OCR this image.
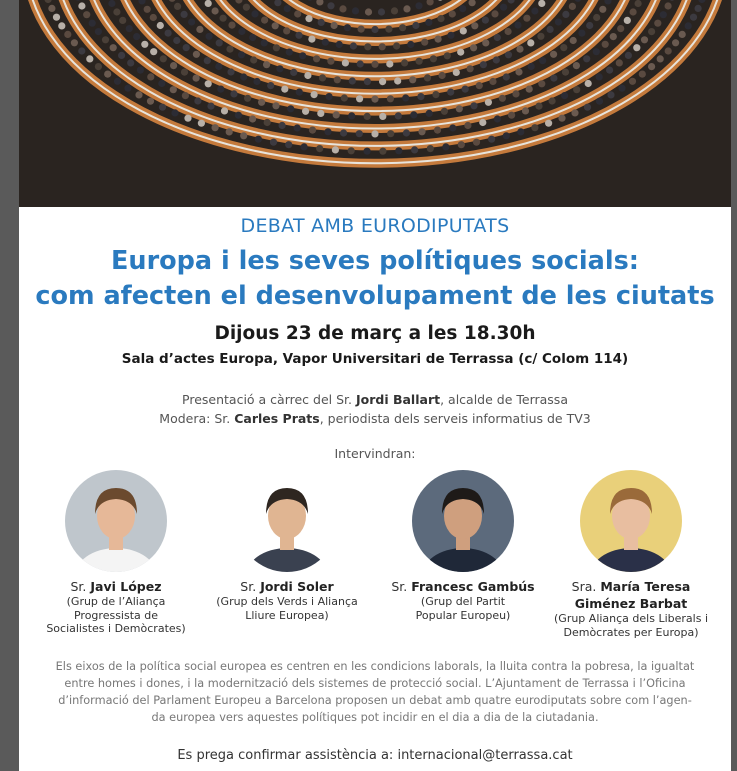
DEBAT AMB EURODIPUTATS
Europa i les seves polítiques socials:
com afecten el desenvolupament de les ciutats
Dijous 23 de març a les 18.30h
Sala d’actes Europa, Vapor Universitari de Terrassa (c/ Colom 114)
Presentació a càrrec del Sr. Jordi Ballart, alcalde de Terrassa
Modera: Sr. Carles Prats, periodista dels serveis informatius de TV3
Intervindran:
Sr. Javi López
(Grup de l’Aliança
Progressista de
Socialistes i Demòcrates)
Sr. Jordi Soler
(Grup dels Verds i Aliança
Lliure Europea)
Sr. Francesc Gambús
(Grup del Partit
Popular Europeu)
Sra. María Teresa
Giménez Barbat
(Grup Aliança dels Liberals i
Demòcrates per Europa)
Els eixos de la política social europea es centren en les condicions laborals, la lluita contra la pobresa, la igualtat
entre homes i dones, i la modernització dels sistemes de protecció social. L’Ajuntament de Terrassa i l’Oficina
d’informació del Parlament Europeu a Barcelona proposen un debat amb quatre eurodiputats sobre com l’agen-
da europea vers aquestes polítiques pot incidir en el dia a dia de la ciutadania.
Es prega confirmar assistència a: internacional@terrassa.cat
